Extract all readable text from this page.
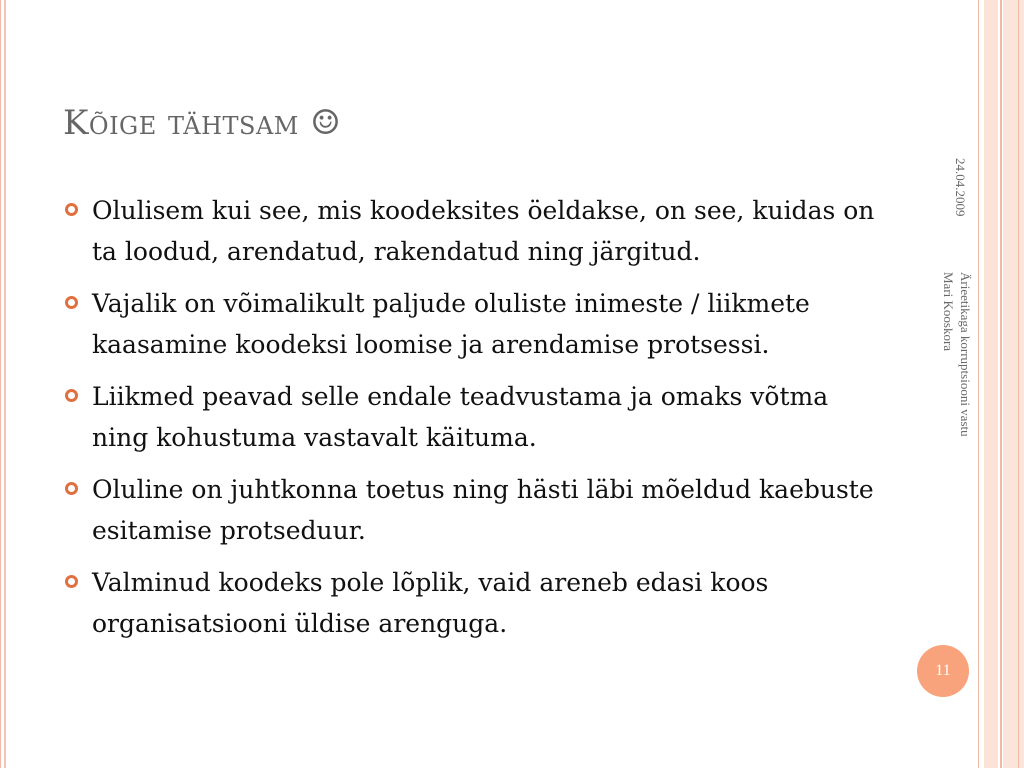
Kõige tähtsam ☺
24.04.2009
Ärieetikaga korruptsiooni vastu
Mari Kooskora
Olulisem kui see, mis koodeksites öeldakse, on see, kuidas on ta loodud, arendatud, rakendatud ning järgitud.
Vajalik on võimalikult paljude oluliste inimeste / liikmete kaasamine koodeksi loomise ja arendamise protsessi.
Liikmed peavad selle endale teadvustama ja omaks võtma ning kohustuma vastavalt käituma.
Oluline on juhtkonna toetus ning hästi läbi mõeldud kaebuste esitamise protseduur.
Valminud koodeks pole lõplik, vaid areneb edasi koos organisatsiooni üldise arenguga.
11
